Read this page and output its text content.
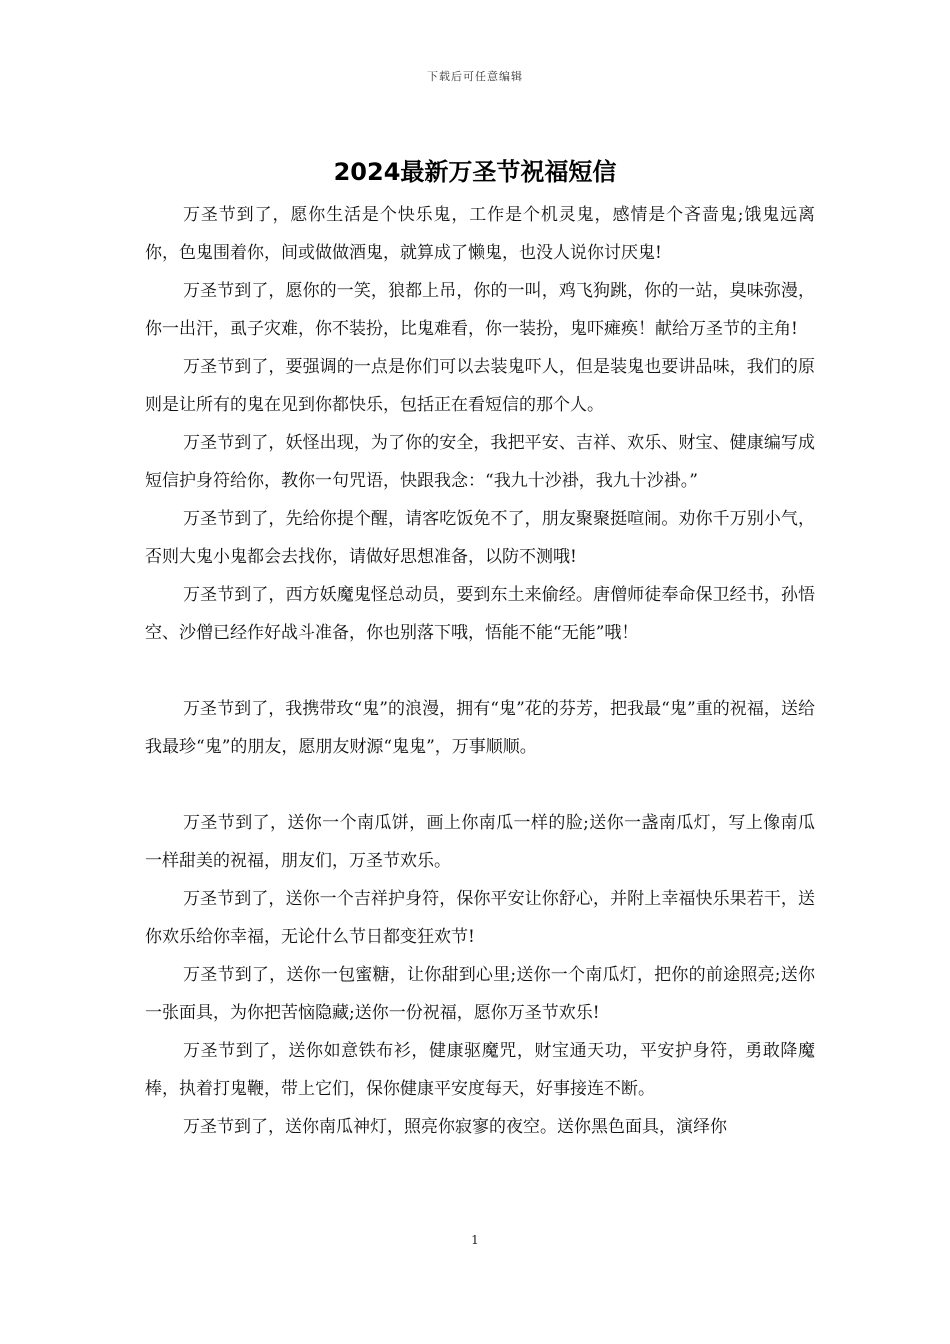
下载后可任意编辑
2024最新万圣节祝福短信

万圣节到了，愿你生活是个快乐鬼，工作是个机灵鬼，感情是个吝啬鬼;饿鬼远离你，色鬼围着你，间或做做酒鬼，就算成了懒鬼，也没人说你讨厌鬼!

万圣节到了，愿你的一笑，狼都上吊，你的一叫，鸡飞狗跳，你的一站，臭味弥漫，你一出汗，虱子灾难，你不装扮，比鬼难看，你一装扮，鬼吓瘫痪！献给万圣节的主角!

万圣节到了，要强调的一点是你们可以去装鬼吓人，但是装鬼也要讲品味，我们的原则是让所有的鬼在见到你都快乐，包括正在看短信的那个人。

万圣节到了，妖怪出现，为了你的安全，我把平安、吉祥、欢乐、财宝、健康编写成短信护身符给你，教你一句咒语，快跟我念：“我九十沙褂，我九十沙褂。”

万圣节到了，先给你提个醒，请客吃饭免不了，朋友聚聚挺喧闹。劝你千万别小气，否则大鬼小鬼都会去找你，请做好思想准备，以防不测哦!

万圣节到了，西方妖魔鬼怪总动员，要到东土来偷经。唐僧师徒奉命保卫经书，孙悟空、沙僧已经作好战斗准备，你也别落下哦，悟能不能“无能”哦！

万圣节到了，我携带玫“鬼”的浪漫，拥有“鬼”花的芬芳，把我最“鬼”重的祝福，送给我最珍“鬼”的朋友，愿朋友财源“鬼鬼”，万事顺顺。

万圣节到了，送你一个南瓜饼，画上你南瓜一样的脸;送你一盏南瓜灯，写上像南瓜一样甜美的祝福，朋友们，万圣节欢乐。

万圣节到了，送你一个吉祥护身符，保你平安让你舒心，并附上幸福快乐果若干，送你欢乐给你幸福，无论什么节日都变狂欢节!

万圣节到了，送你一包蜜糖，让你甜到心里;送你一个南瓜灯，把你的前途照亮;送你一张面具，为你把苦恼隐藏;送你一份祝福，愿你万圣节欢乐!

万圣节到了，送你如意铁布衫，健康驱魔咒，财宝通天功，平安护身符，勇敢降魔棒，执着打鬼鞭，带上它们，保你健康平安度每天，好事接连不断。

万圣节到了，送你南瓜神灯，照亮你寂寥的夜空。送你黑色面具，演绎你

1
